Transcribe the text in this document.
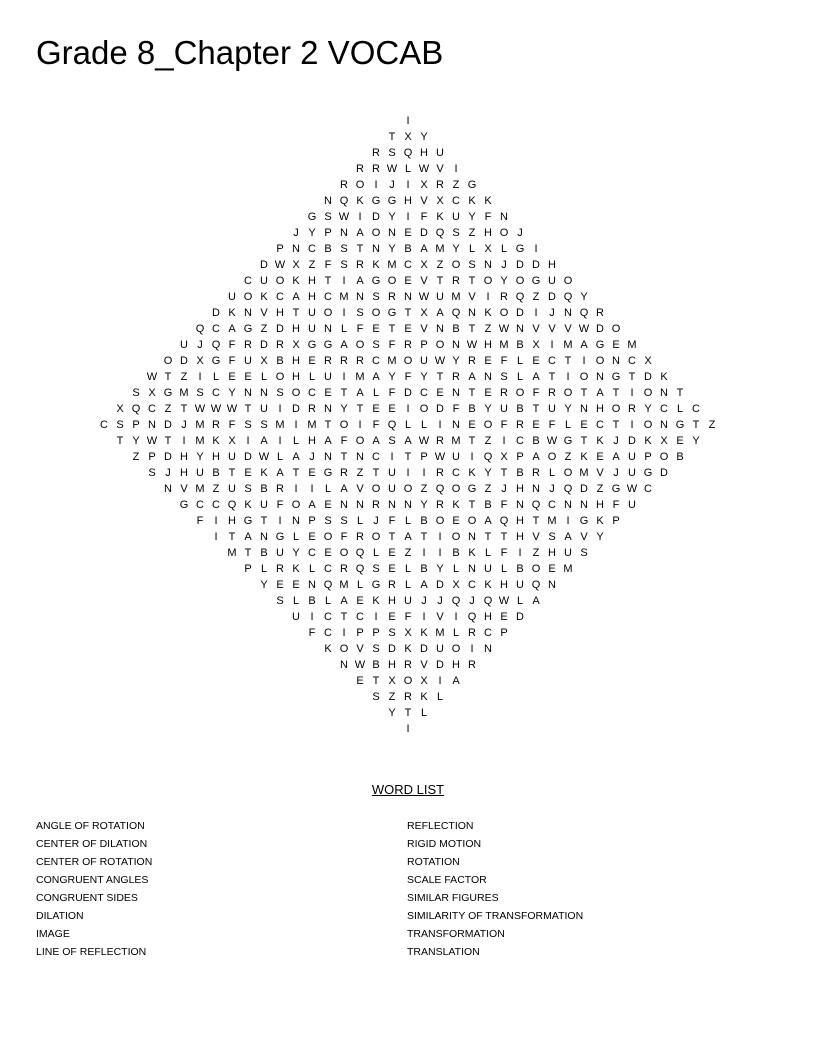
Grade 8_Chapter 2 VOCAB
I
T X Y
R S Q H U
R R W L W V I
R O I	J	I X R Z G
N Q K G G H V X C K K
G S W I D Y I	F K U Y F N
J Y P N A O N E D Q S Z H O J
P N C B S T N Y B A M Y L X L G I
D W X Z F S R K M C X Z O S N J D D H
C U O K H T	I A G O E V T R T O Y O G U O
U O K C A H C M N S R N W U M V I R Q Z D Q Y
D K N V H T U O I S O G T X A Q N K O D I	J N Q R
Q C A G Z D H U N L F E T E V N B T Z W N V V V W D O
U J Q F R D R X G G A O S F R P O N W H M B X I M A G E M
O D X G F U X B H E R R R C M O U W Y R E F L E C T	I O N C X
W T Z	I	L E E L O H L U I M A Y F Y T R A N S L A T	I O N G T D K
S X G M S C Y N N S O C E T A L F D C E N T E R O F R O T A T	I O N T
X Q C Z T W W W T U I D R N Y T E E I O D F B Y U B T U Y N H O R Y C L C
C S P N D J M R F S S M I M T O I	F Q L L	I N E O F R E F L E C T	I O N G T Z
T Y W T	I M K X I A I	L H A F O A S A W R M T Z	I C B W G T K J D K X E Y
Z P D H Y H U D W L A J N T N C I	T P W U I Q X P A O Z K E A U P O B
S J H U B T E K A T E G R Z T U I	I R C K Y T B R L O M V J U G D
N V M Z U S B R I	I	L A V O U O Z Q O G Z J H N J Q D Z G W C
G C C Q K U F O A E N N R N N Y R K T B F N Q C N N H F U
F	I H G T	I N P S S L J F L B O E O A Q H T M I G K P
I	T A N G L E O F R O T A T	I O N T T H V S A V Y
M T B U Y C E O Q L E Z	I	I B K L F	I	Z H U S
P L R K L C R Q S E L B Y L N U L B O E M
Y E E N Q M L G R L A D X C K H U Q N
S L B L A E K H U J J Q J Q W L A
U I C T C I E F	I V I Q H E D
F C I P P S X K M L R C P
K O V S D K D U O I N
N W B H R V D H R
E T X O X I A
S Z R K L
Y T L
I
WORD LIST
ANGLE OF ROTATION
CENTER OF DILATION
CENTER OF ROTATION
CONGRUENT ANGLES
CONGRUENT SIDES
DILATION
IMAGE
LINE OF REFLECTION
REFLECTION
RIGID MOTION
ROTATION
SCALE FACTOR
SIMILAR FIGURES
SIMILARITY OF TRANSFORMATION
TRANSFORMATION
TRANSLATION
